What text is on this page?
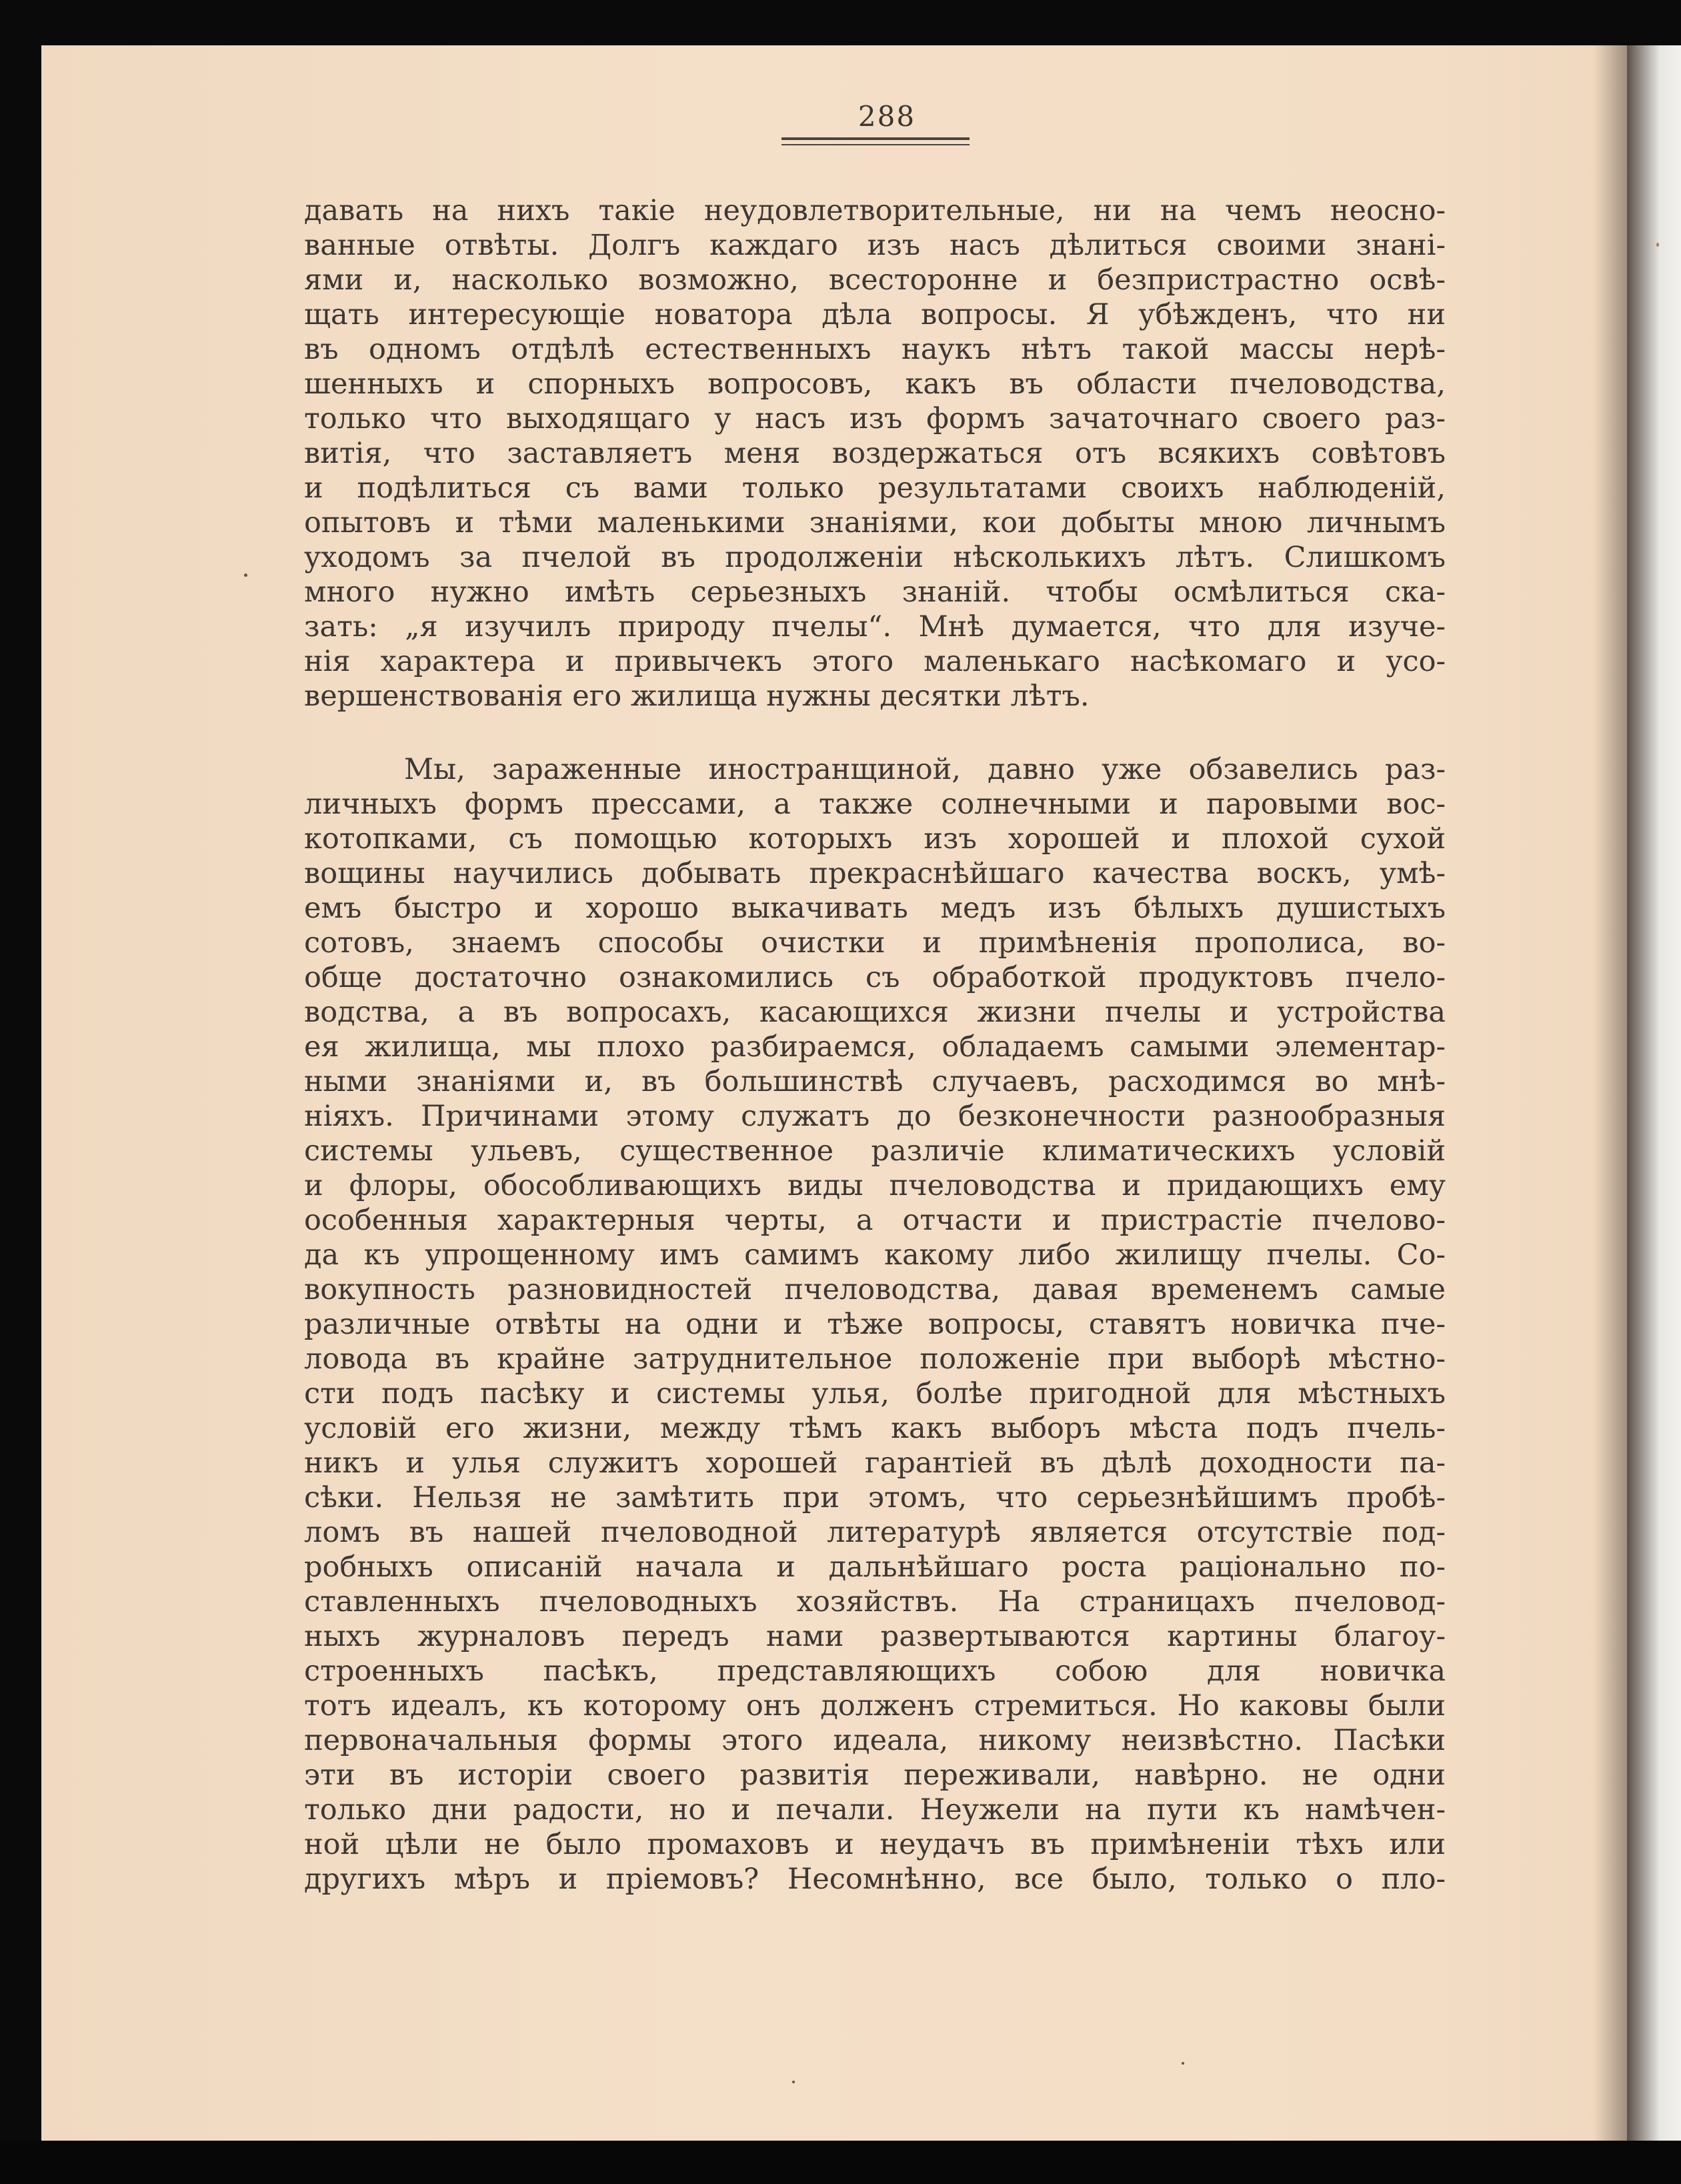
288
давать на нихъ такіе неудовлетворительные, ни на чемъ неосно-
ванные отвѣты. Долгъ каждаго изъ насъ дѣлиться своими знані-
ями и, насколько возможно, всесторонне и безпристрастно освѣ-
щать интересующіе новатора дѣла вопросы. Я убѣжденъ, что ни
въ одномъ отдѣлѣ естественныхъ наукъ нѣтъ такой массы нерѣ-
шенныхъ и спорныхъ вопросовъ, какъ въ области пчеловодства,
только что выходящаго у насъ изъ формъ зачаточнаго своего раз-
витія, что заставляетъ меня воздержаться отъ всякихъ совѣтовъ
и подѣлиться съ вами только результатами своихъ наблюденій,
опытовъ и тѣми маленькими знаніями, кои добыты мною личнымъ
уходомъ за пчелой въ продолженіи нѣсколькихъ лѣтъ. Слишкомъ
много нужно имѣть серьезныхъ знаній. чтобы осмѣлиться ска-
зать: „я изучилъ природу пчелы“. Мнѣ думается, что для изуче-
нія характера и привычекъ этого маленькаго насѣкомаго и усо-
вершенствованія его жилища нужны десятки лѣтъ.
Мы, зараженные иностранщиной, давно уже обзавелись раз-
личныхъ формъ прессами, а также солнечными и паровыми вос-
котопками, съ помощью которыхъ изъ хорошей и плохой сухой
вощины научились добывать прекраснѣйшаго качества воскъ, умѣ-
емъ быстро и хорошо выкачивать медъ изъ бѣлыхъ душистыхъ
сотовъ, знаемъ способы очистки и примѣненія прополиса, во-
обще достаточно ознакомились съ обработкой продуктовъ пчело-
водства, а въ вопросахъ, касающихся жизни пчелы и устройства
ея жилища, мы плохо разбираемся, обладаемъ самыми элементар-
ными знаніями и, въ большинствѣ случаевъ, расходимся во мнѣ-
ніяхъ. Причинами этому служатъ до безконечности разнообразныя
системы ульевъ, существенное различіе климатическихъ условій
и флоры, обособливающихъ виды пчеловодства и придающихъ ему
особенныя характерныя черты, а отчасти и пристрастіе пчелово-
да къ упрощенному имъ самимъ какому либо жилищу пчелы. Со-
вокупность разновидностей пчеловодства, давая временемъ самые
различные отвѣты на одни и тѣже вопросы, ставятъ новичка пче-
ловода въ крайне затруднительное положеніе при выборѣ мѣстно-
сти подъ пасѣку и системы улья, болѣе пригодной для мѣстныхъ
условій его жизни, между тѣмъ какъ выборъ мѣста подъ пчель-
никъ и улья служитъ хорошей гарантіей въ дѣлѣ доходности па-
сѣки. Нельзя не замѣтить при этомъ, что серьезнѣйшимъ пробѣ-
ломъ въ нашей пчеловодной литературѣ является отсутствіе под-
робныхъ описаній начала и дальнѣйшаго роста раціонально по-
ставленныхъ пчеловодныхъ хозяйствъ. На страницахъ пчеловод-
ныхъ журналовъ передъ нами развертываются картины благоу-
строенныхъ пасѣкъ, представляющихъ собою для новичка
тотъ идеалъ, къ которому онъ долженъ стремиться. Но каковы были
первоначальныя формы этого идеала, никому неизвѣстно. Пасѣки
эти въ исторіи своего развитія переживали, навѣрно. не одни
только дни радости, но и печали. Неужели на пути къ намѣчен-
ной цѣли не было промаховъ и неудачъ въ примѣненіи тѣхъ или
другихъ мѣръ и пріемовъ? Несомнѣнно, все было, только о пло-
